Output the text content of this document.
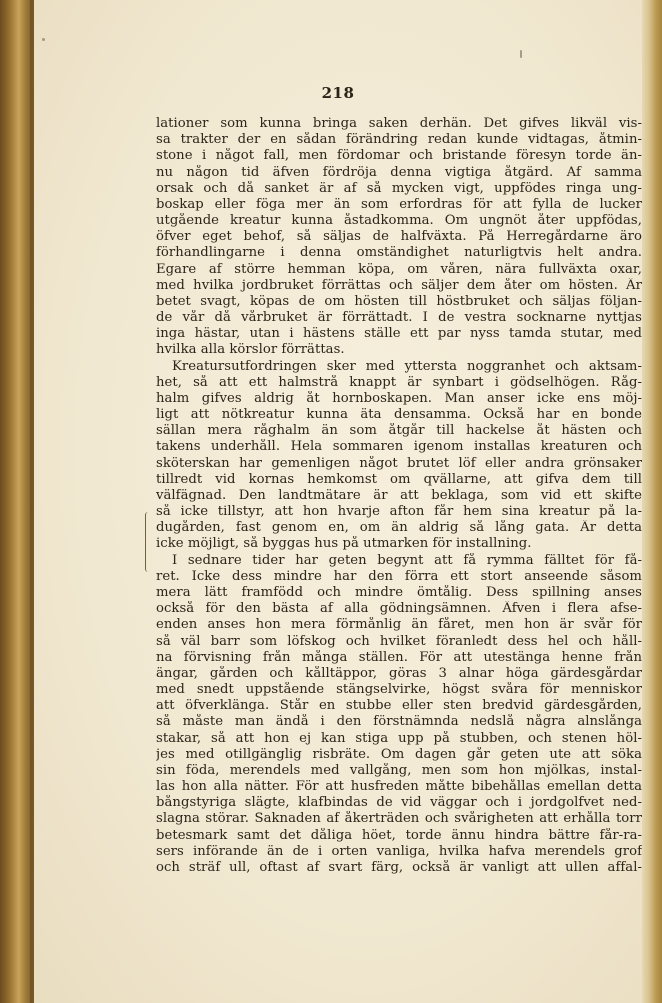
218
lationer som kunna bringa saken derhän. Det gifves likväl vis-
sa trakter der en sådan förändring redan kunde vidtagas, åtmin-
stone i något fall, men fördomar och bristande föresyn torde än-
nu någon tid äfven fördröja denna vigtiga åtgärd. Af samma
orsak och då sanket är af så mycken vigt, uppfödes ringa ung-
boskap eller föga mer än som erfordras för att fylla de lucker
utgående kreatur kunna åstadkomma. Om ungnöt åter uppfödas,
öfver eget behof, så säljas de halfväxta. På Herregårdarne äro
förhandlingarne i denna omständighet naturligtvis helt andra.
Egare af större hemman köpa, om våren, nära fullväxta oxar,
med hvilka jordbruket förrättas och säljer dem åter om hösten. Är
betet svagt, köpas de om hösten till höstbruket och säljas följan-
de vår då vårbruket är förrättadt. I de vestra socknarne nyttjas
inga hästar, utan i hästens ställe ett par nyss tamda stutar, med
hvilka alla körslor förrättas.
Kreatursutfordringen sker med yttersta noggranhet och aktsam-
het, så att ett halmstrå knappt är synbart i gödselhögen. Råg-
halm gifves aldrig åt hornboskapen. Man anser icke ens möj-
ligt att nötkreatur kunna äta densamma. Också har en bonde
sällan mera råghalm än som åtgår till hackelse åt hästen och
takens underhåll. Hela sommaren igenom installas kreaturen och
sköterskan har gemenligen något brutet löf eller andra grönsaker
tillredt vid kornas hemkomst om qvällarne, att gifva dem till
välfägnad. Den landtmätare är att beklaga, som vid ett skifte
så icke tillstyr, att hon hvarje afton får hem sina kreatur på la-
dugården, fast genom en, om än aldrig så lång gata. Är detta
icke möjligt, så byggas hus på utmarken för installning.
I sednare tider har geten begynt att få rymma fälltet för få-
ret. Icke dess mindre har den förra ett stort anseende såsom
mera lätt framfödd och mindre ömtålig. Dess spillning anses
också för den bästa af alla gödningsämnen. Äfven i flera afse-
enden anses hon mera förmånlig än fåret, men hon är svår för
så väl barr som löfskog och hvilket föranledt dess hel och håll-
na förvisning från många ställen. För att utestänga henne från
ängar, gården och kålltäppor, göras 3 alnar höga gärdesgårdar
med snedt uppstående stängselvirke, högst svåra för menniskor
att öfverklänga. Står en stubbe eller sten bredvid gärdesgården,
så måste man ändå i den förstnämnda nedslå några alnslånga
stakar, så att hon ej kan stiga upp på stubben, och stenen höl-
jes med otillgänglig risbräte. Om dagen går geten ute att söka
sin föda, merendels med vallgång, men som hon mjölkas, instal-
las hon alla nätter. För att husfreden måtte bibehållas emellan detta
bångstyriga slägte, klafbindas de vid väggar och i jordgolfvet ned-
slagna störar. Saknaden af åkerträden och svårigheten att erhålla torr
betesmark samt det dåliga höet, torde ännu hindra bättre får-ra-
sers införande än de i orten vanliga, hvilka hafva merendels grof
och sträf ull, oftast af svart färg, också är vanligt att ullen affal-
